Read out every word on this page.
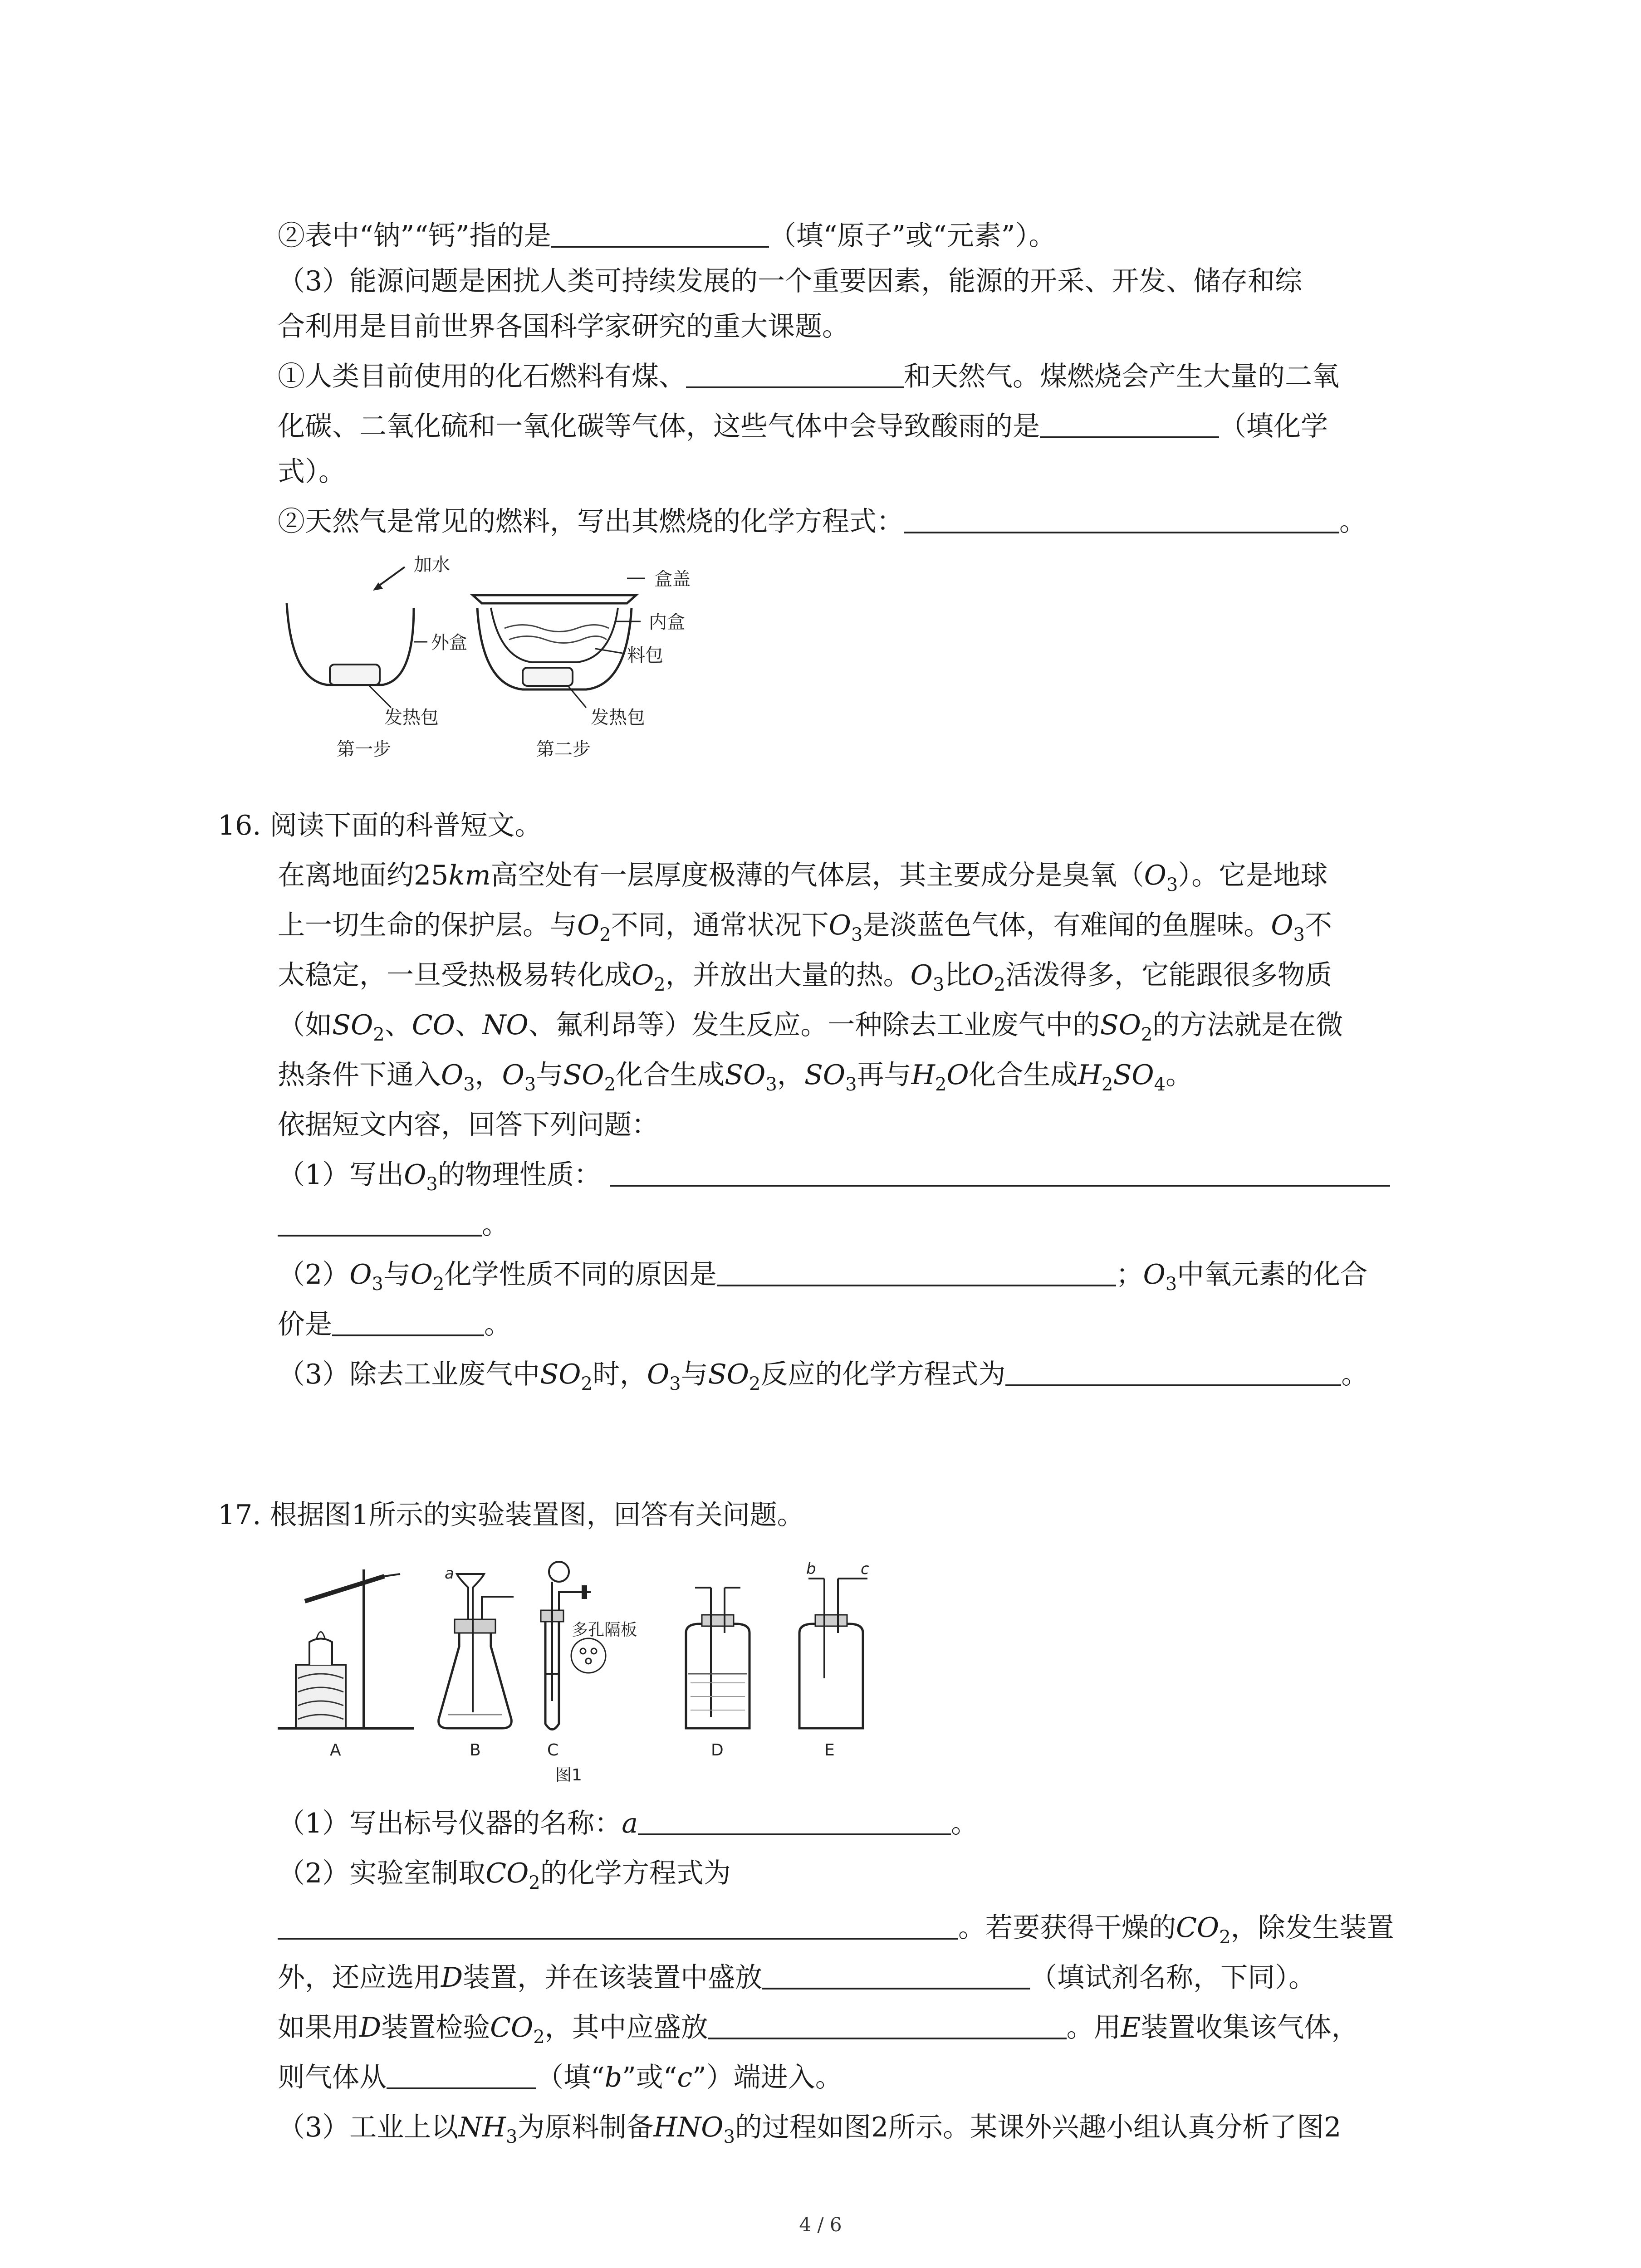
②表中“钠”“钙”指的是	（填“原子”或“元素”）。
（3）能源问题是困扰人类可持续发展的一个重要因素，能源的开采、开发、储存和综
合利用是目前世界各国科学家研究的重大课题。
①人类目前使用的化石燃料有煤、	和天然气。煤燃烧会产生大量的二氧
化碳、二氧化硫和一氧化碳等气体，这些气体中会导致酸雨的是	（填化学
式）。
②天然气是常见的燃料，写出其燃烧的化学方程式：	。
加水
外盒
发热包
第一步
盒盖
内盒
料包
发热包
第二步
16. 阅读下面的科普短文。
在离地面约25km高空处有一层厚度极薄的气体层，其主要成分是臭氧$(O_3)$。它是地球
上一切生命的保护层。与$O_2$不同，通常状况下$O_3$是淡蓝色气体，有难闻的鱼腥味。$O_3$不
太稳定，一旦受热极易转化成$O_2$，并放出大量的热。$O_3$比$O_2$活泼得多，它能跟很多物质
（如$SO_2$、CO、NO、氟利昂等）发生反应。一种除去工业废气中的$SO_2$的方法就是在微
热条件下通入$O_3$，$O_3$与$SO_2$化合生成$SO_3$，$SO_3$再与$H_2O$化合生成$H_2SO_4$。
依据短文内容，回答下列问题：
（1）写出$O_3$的物理性质：
。
$(2)O_3$与$O_2$化学性质不同的原因是	；$O_3$中氧元素的化合
价是	。
（3）除去工业废气中$SO_2$时，$O_3$与$SO_2$反应的化学方程式为	。
17. 根据图1所示的实验装置图，回答有关问题。
A
a
B
多孔隔板
C	D
b	c
E
图1
（1）写出标号仪器的名称：a	。
（2）实验室制取$CO_2$的化学方程式为
。若要获得干燥的$CO_2$，除发生装置
外，还应选用D装置，并在该装置中盛放	（填试剂名称，下同）。
如果用D装置检验$CO_2$，其中应盛放	。用E装置收集该气体，
则气体从	（填“b”或“c”）端进入。
（3）工业上以$NH_3$为原料制备$HNO_3$的过程如图2所示。某课外兴趣小组认真分析了图2
4 / 6
